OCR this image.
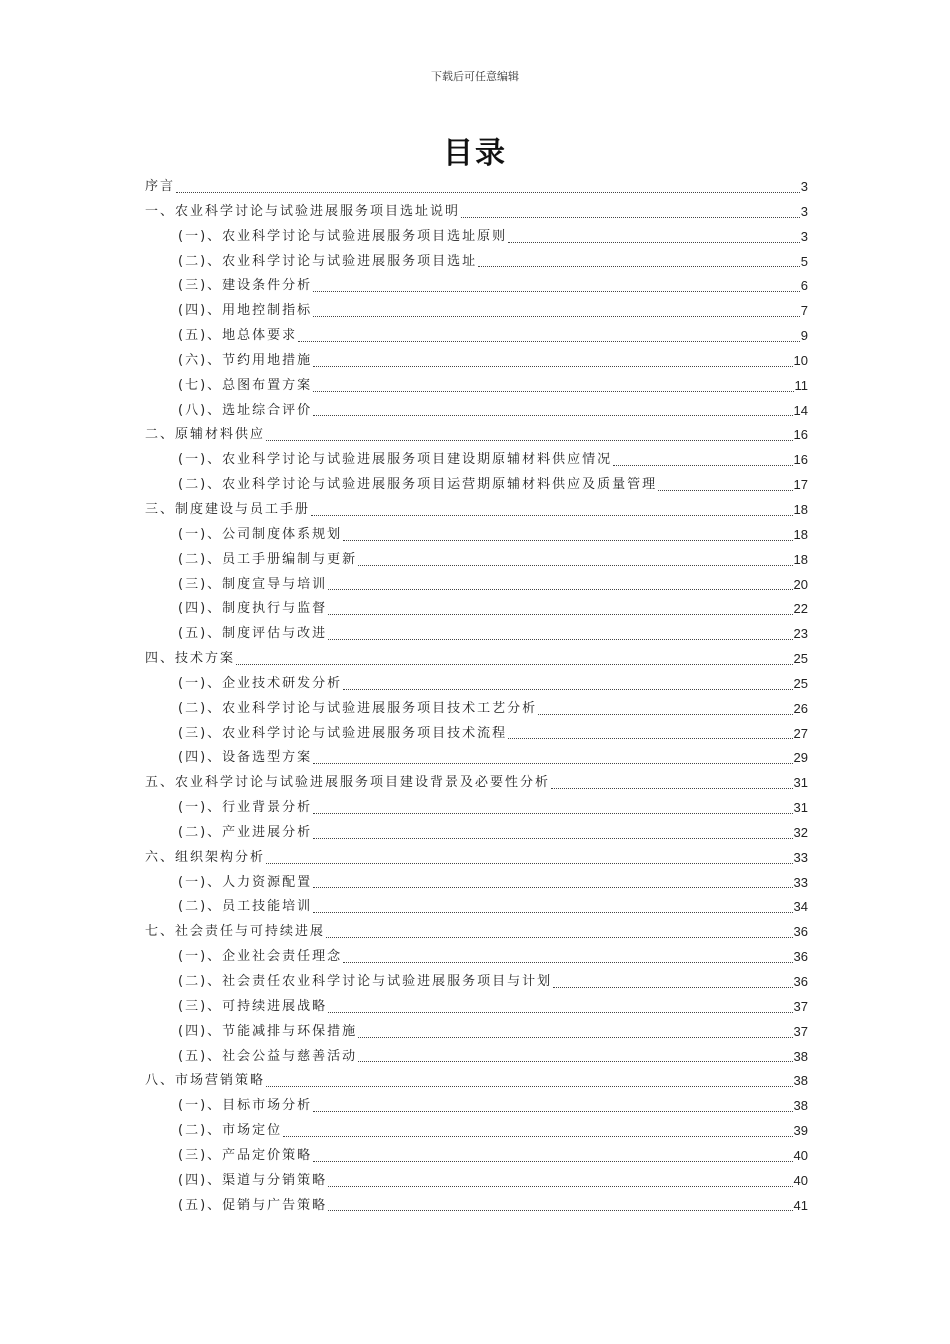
下载后可任意编辑
目录
序言	3
一、农业科学讨论与试验进展服务项目选址说明	3
(一)、农业科学讨论与试验进展服务项目选址原则	3
(二)、农业科学讨论与试验进展服务项目选址	5
(三)、建设条件分析	6
(四)、用地控制指标	7
(五)、地总体要求	9
(六)、节约用地措施	10
(七)、总图布置方案	11
(八)、选址综合评价	14
二、原辅材料供应	16
(一)、农业科学讨论与试验进展服务项目建设期原辅材料供应情况	16
(二)、农业科学讨论与试验进展服务项目运营期原辅材料供应及质量管理	17
三、制度建设与员工手册	18
(一)、公司制度体系规划	18
(二)、员工手册编制与更新	18
(三)、制度宣导与培训	20
(四)、制度执行与监督	22
(五)、制度评估与改进	23
四、技术方案	25
(一)、企业技术研发分析	25
(二)、农业科学讨论与试验进展服务项目技术工艺分析	26
(三)、农业科学讨论与试验进展服务项目技术流程	27
(四)、设备选型方案	29
五、农业科学讨论与试验进展服务项目建设背景及必要性分析	31
(一)、行业背景分析	31
(二)、产业进展分析	32
六、组织架构分析	33
(一)、人力资源配置	33
(二)、员工技能培训	34
七、社会责任与可持续进展	36
(一)、企业社会责任理念	36
(二)、社会责任农业科学讨论与试验进展服务项目与计划	36
(三)、可持续进展战略	37
(四)、节能减排与环保措施	37
(五)、社会公益与慈善活动	38
八、市场营销策略	38
(一)、目标市场分析	38
(二)、市场定位	39
(三)、产品定价策略	40
(四)、渠道与分销策略	40
(五)、促销与广告策略	41
